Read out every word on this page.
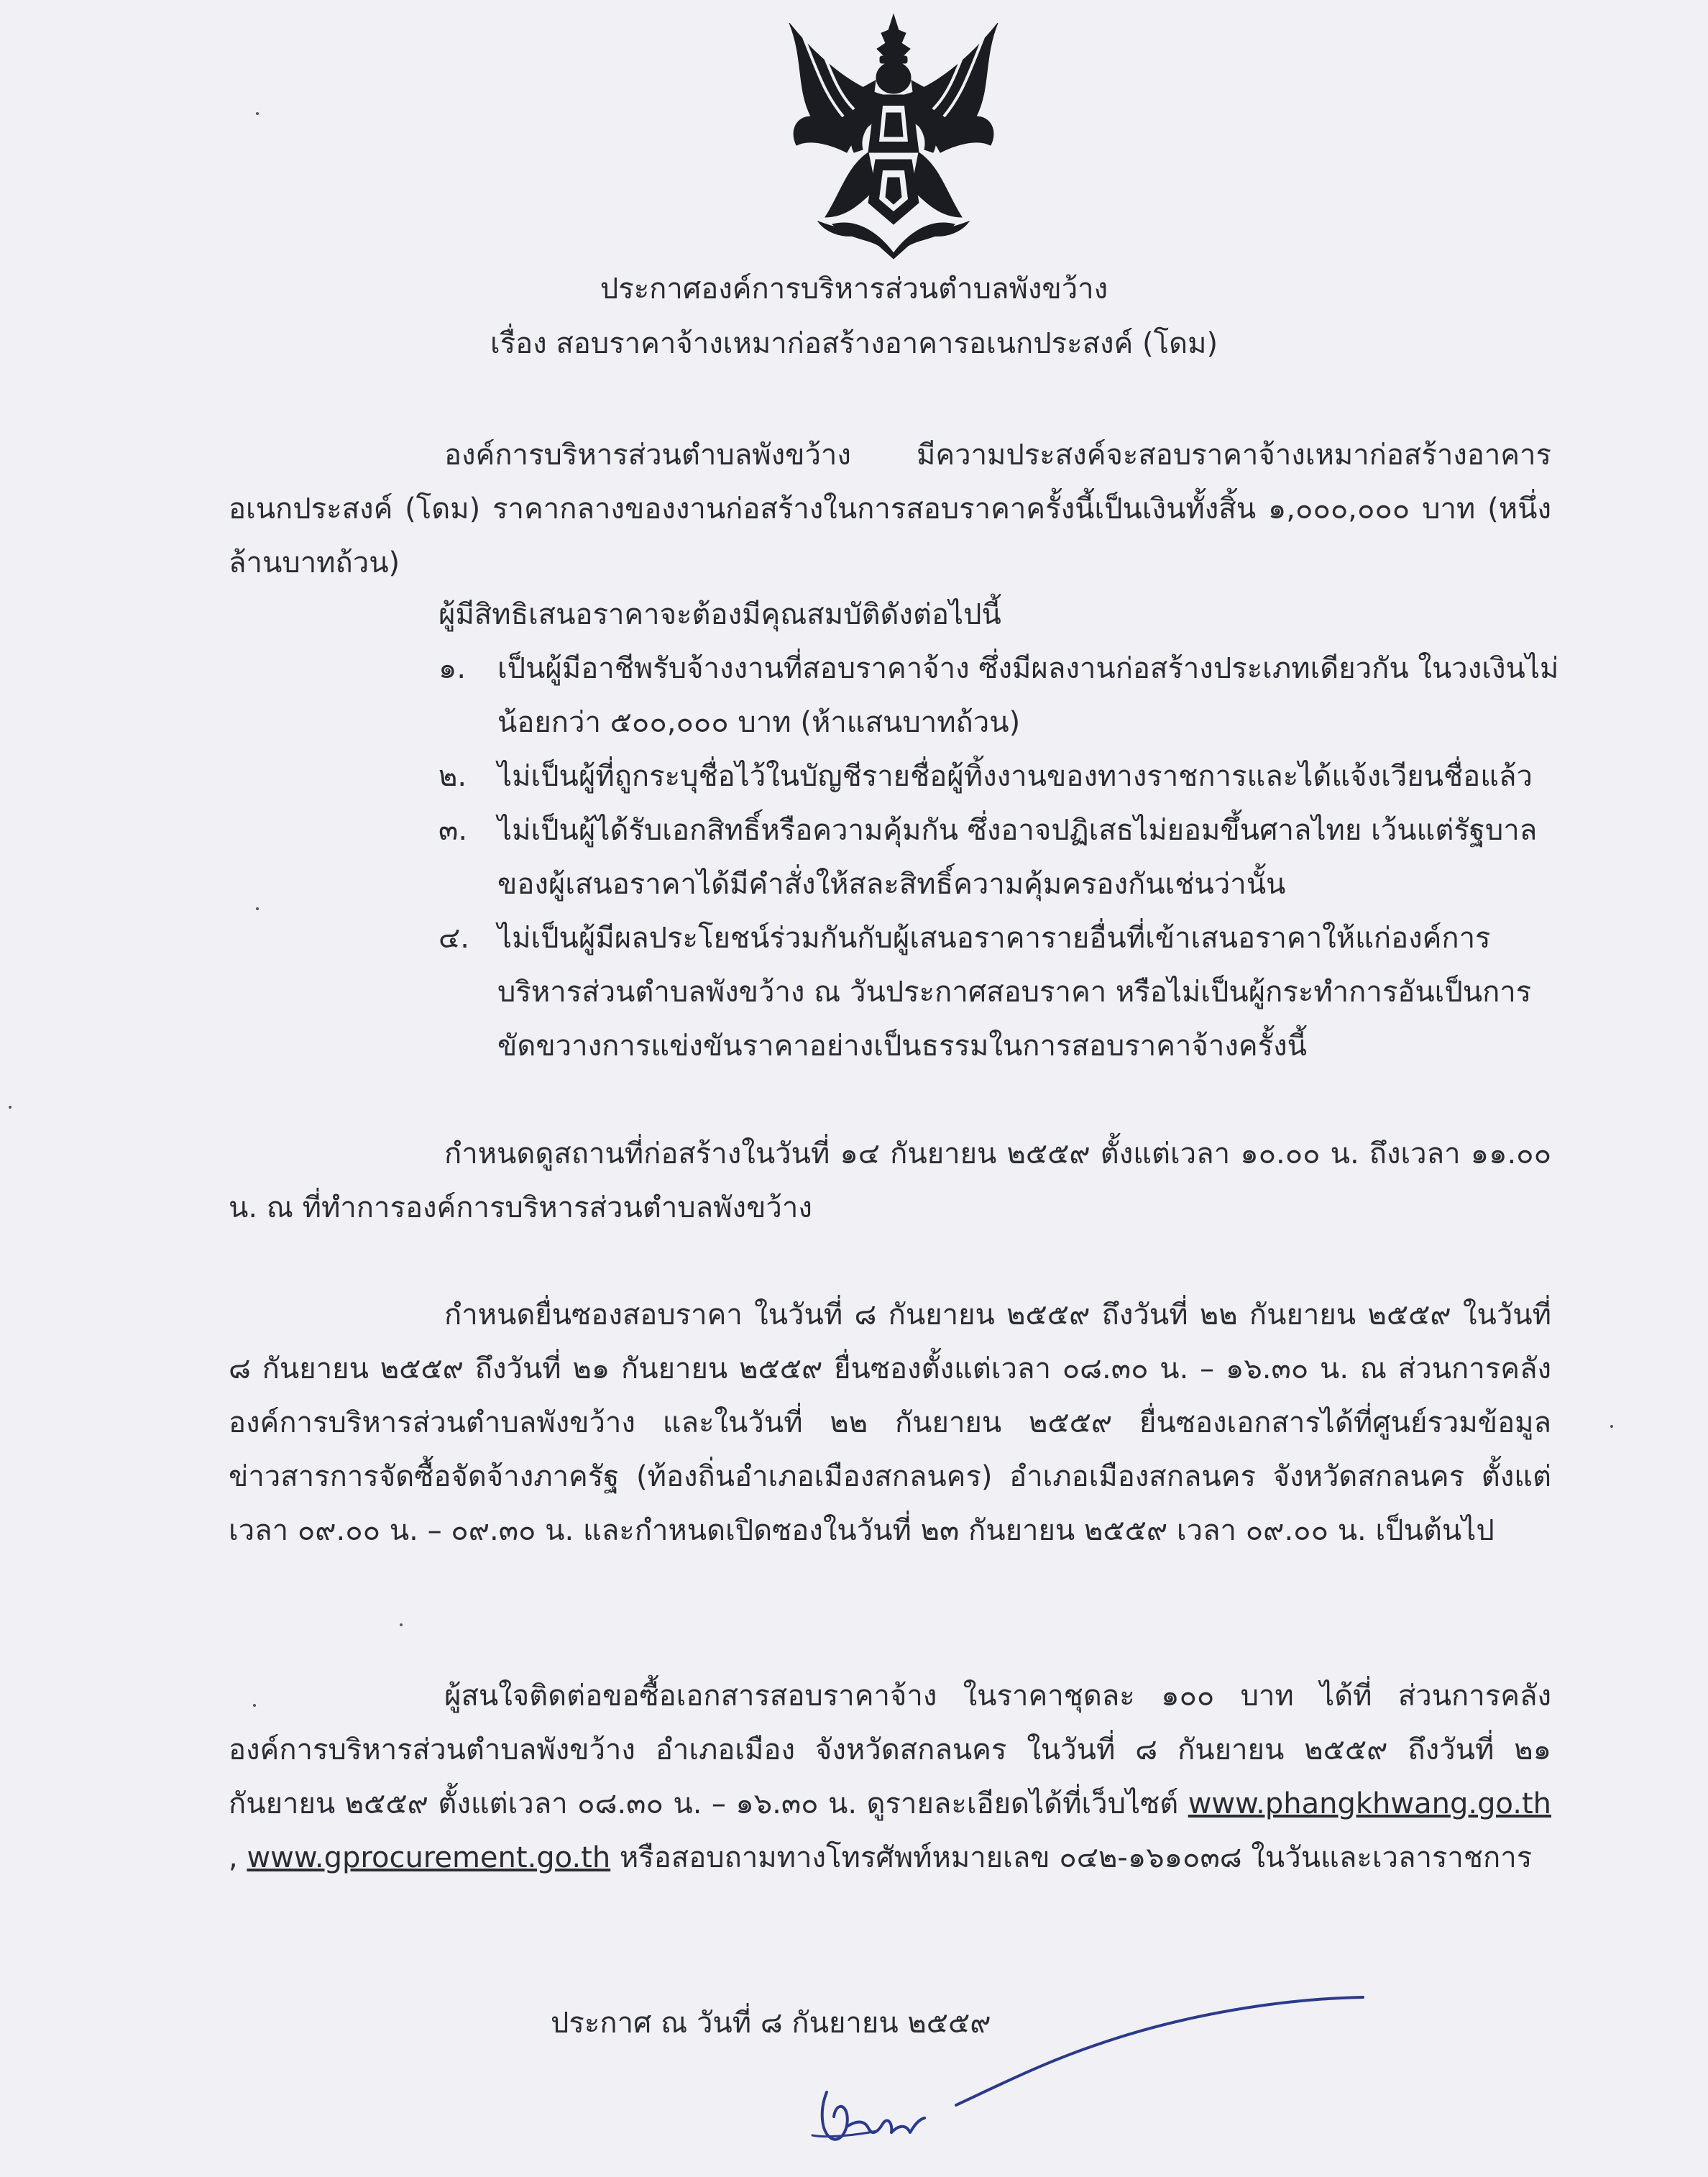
ประกาศองค์การบริหารส่วนตำบลพังขว้าง
เรื่อง สอบราคาจ้างเหมาก่อสร้างอาคารอเนกประสงค์ (โดม)
องค์การบริหารส่วนตำบลพังขว้าง มีความประสงค์จะสอบราคาจ้างเหมาก่อสร้างอาคารอเนกประสงค์ (โดม) ราคากลางของงานก่อสร้างในการสอบราคาครั้งนี้เป็นเงินทั้งสิ้น ๑,๐๐๐,๐๐๐ บาท (หนึ่งล้านบาทถ้วน)
ผู้มีสิทธิเสนอราคาจะต้องมีคุณสมบัติดังต่อไปนี้
๑.	เป็นผู้มีอาชีพรับจ้างงานที่สอบราคาจ้าง ซึ่งมีผลงานก่อสร้างประเภทเดียวกัน ในวงเงินไม่น้อยกว่า ๕๐๐,๐๐๐ บาท (ห้าแสนบาทถ้วน)
๒.	ไม่เป็นผู้ที่ถูกระบุชื่อไว้ในบัญชีรายชื่อผู้ทิ้งงานของทางราชการและได้แจ้งเวียนชื่อแล้ว
๓.	ไม่เป็นผู้ได้รับเอกสิทธิ์หรือความคุ้มกัน ซึ่งอาจปฏิเสธไม่ยอมขึ้นศาลไทย เว้นแต่รัฐบาลของผู้เสนอราคาได้มีคำสั่งให้สละสิทธิ์ความคุ้มครองกันเช่นว่านั้น
๔. ไม่เป็นผู้มีผลประโยชน์ร่วมกันกับผู้เสนอราคารายอื่นที่เข้าเสนอราคาให้แก่องค์การบริหารส่วนตำบลพังขว้าง ณ วันประกาศสอบราคา หรือไม่เป็นผู้กระทำการอันเป็นการขัดขวางการแข่งขันราคาอย่างเป็นธรรมในการสอบราคาจ้างครั้งนี้
กำหนดดูสถานที่ก่อสร้างในวันที่ ๑๔ กันยายน ๒๕๕๙ ตั้งแต่เวลา ๑๐.๐๐ น. ถึงเวลา ๑๑.๐๐ น. ณ ที่ทำการองค์การบริหารส่วนตำบลพังขว้าง
กำหนดยื่นซองสอบราคา ในวันที่ ๘ กันยายน ๒๕๕๙ ถึงวันที่ ๒๒ กันยายน ๒๕๕๙ ในวันที่ ๘ กันยายน ๒๕๕๙ ถึงวันที่ ๒๑ กันยายน ๒๕๕๙ ยื่นซองตั้งแต่เวลา ๐๘.๓๐ น. – ๑๖.๓๐ น. ณ ส่วนการคลัง องค์การบริหารส่วนตำบลพังขว้าง และในวันที่ ๒๒ กันยายน ๒๕๕๙ ยื่นซองเอกสารได้ที่ศูนย์รวมข้อมูลข่าวสารการจัดซื้อจัดจ้างภาครัฐ (ท้องถิ่นอำเภอเมืองสกลนคร) อำเภอเมืองสกลนคร จังหวัดสกลนคร ตั้งแต่เวลา ๐๙.๐๐ น. – ๐๙.๓๐ น. และกำหนดเปิดซองในวันที่ ๒๓ กันยายน ๒๕๕๙ เวลา ๐๙.๐๐ น. เป็นต้นไป
ผู้สนใจติดต่อขอซื้อเอกสารสอบราคาจ้าง ในราคาชุดละ ๑๐๐ บาท ได้ที่ ส่วนการคลัง องค์การบริหารส่วนตำบลพังขว้าง อำเภอเมือง จังหวัดสกลนคร ในวันที่ ๘ กันยายน ๒๕๕๙ ถึงวันที่ ๒๑ กันยายน ๒๕๕๙ ตั้งแต่เวลา ๐๘.๓๐ น. – ๑๖.๓๐ น. ดูรายละเอียดได้ที่เว็บไซต์ www.phangkhwang.go.th , www.gprocurement.go.th หรือสอบถามทางโทรศัพท์หมายเลข ๐๔๒-๑๖๑๐๓๘ ในวันและเวลาราชการ
ประกาศ ณ วันที่ ๘ กันยายน ๒๕๕๙
